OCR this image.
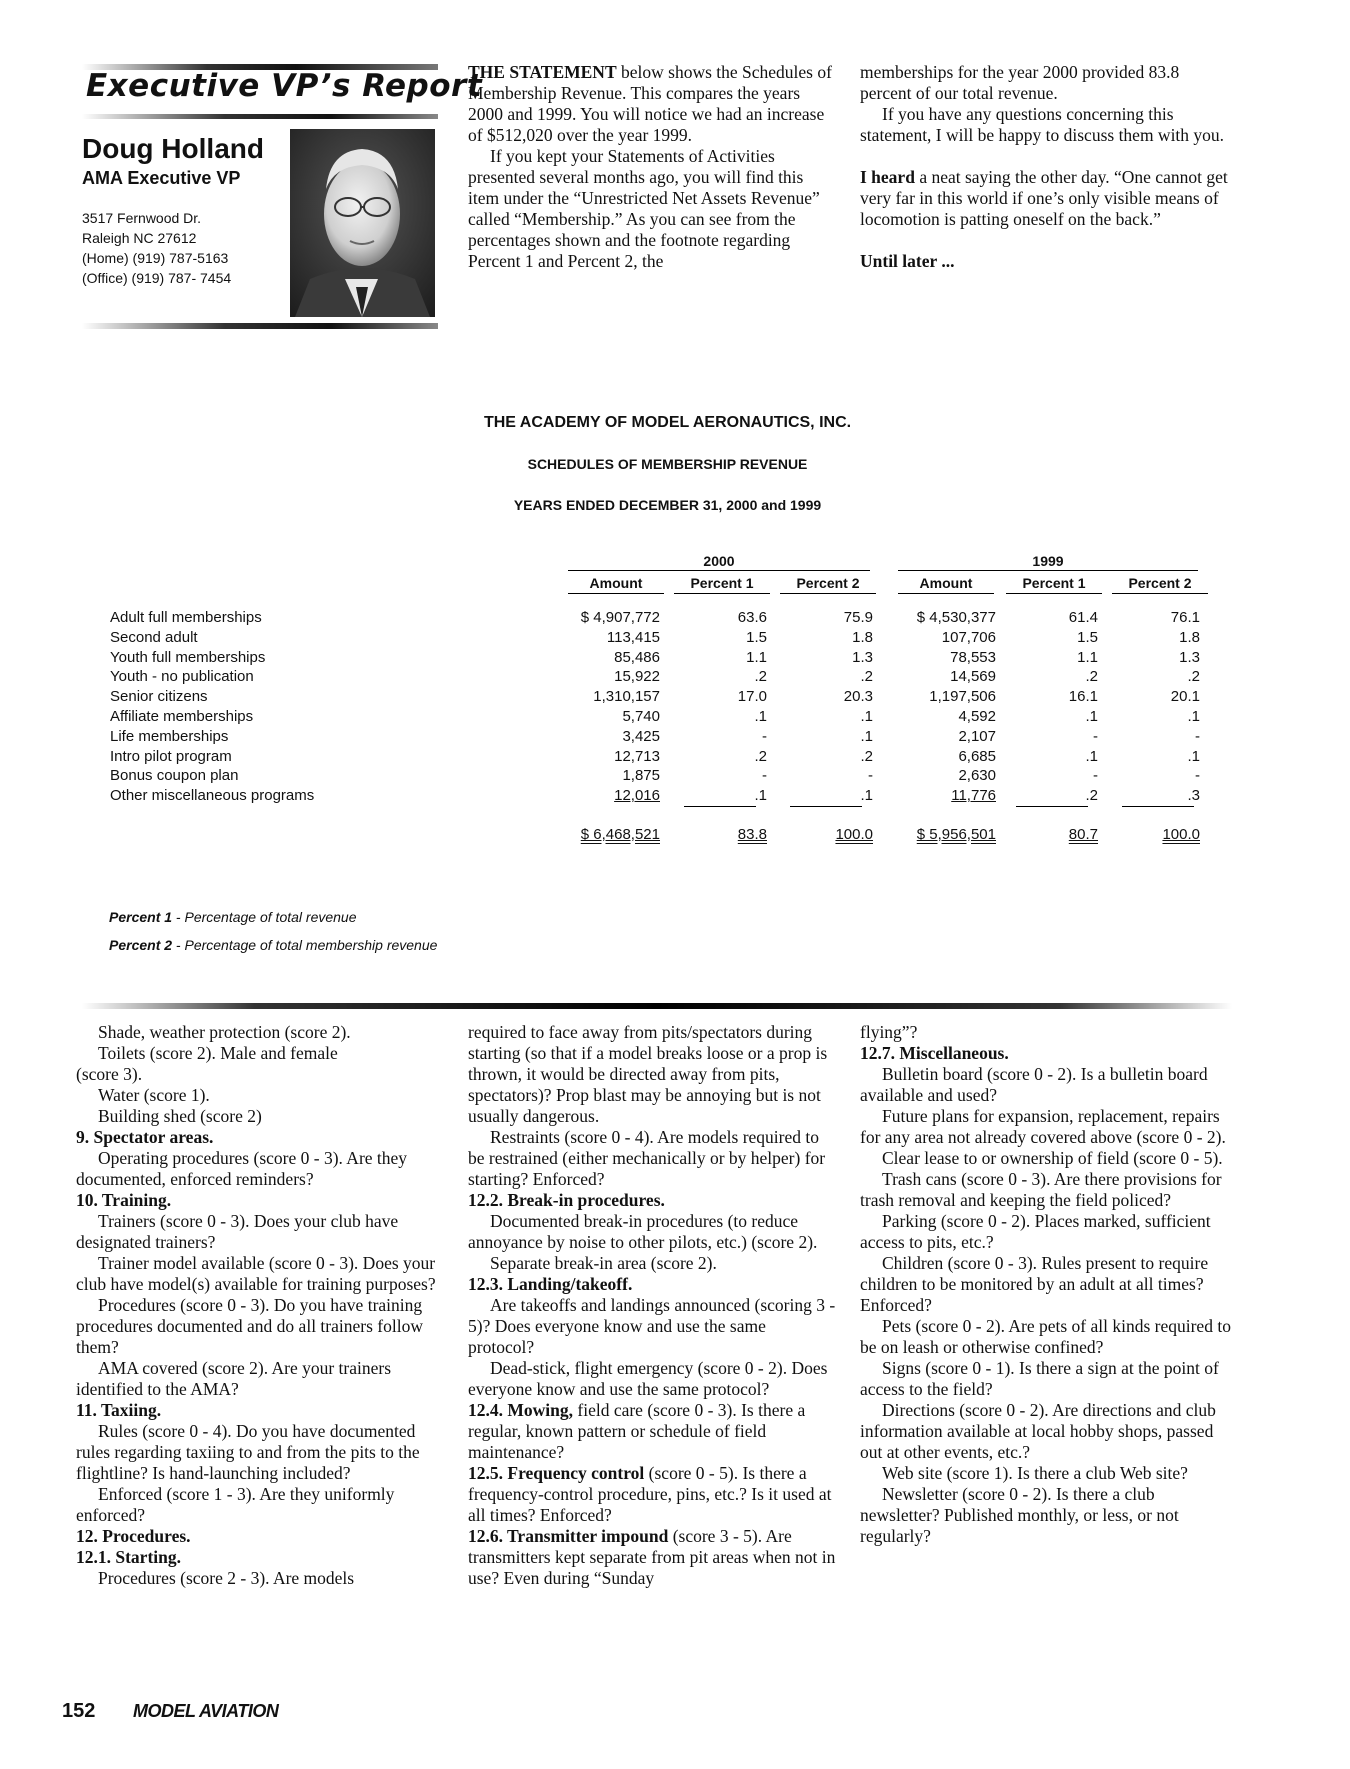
Executive VP’s Report
Doug Holland
AMA Executive VP
3517 Fernwood Dr.
Raleigh NC 27612
(Home) (919) 787-5163
(Office) (919) 787- 7454

THE STATEMENT below shows the Schedules of Membership Revenue. This compares the years 2000 and 1999. You will notice we had an increase of $512,020 over the year 1999.

If you kept your Statements of Activities presented several months ago, you will find this item under the “Unrestricted Net Assets Revenue” called “Membership.” As you can see from the percentages shown and the footnote regarding Percent 1 and Percent 2, the

memberships for the year 2000 provided 83.8 percent of our total revenue.

If you have any questions concerning this statement, I will be happy to discuss them with you.

I heard a neat saying the other day. “One cannot get very far in this world if one’s only visible means of locomotion is patting oneself on the back.”

Until later ...

THE ACADEMY OF MODEL AERONAUTICS, INC.
SCHEDULES OF MEMBERSHIP REVENUE
YEARS ENDED DECEMBER 31, 2000 and 1999
2000	1999
Amount	Percent 1	Percent 2	Amount	Percent 1	Percent 2
Adult full memberships	$ 4,907,772	63.6	75.9	$ 4,530,377	61.4	76.1
Second adult	113,415	1.5	1.8	107,706	1.5	1.8
Youth full memberships	85,486	1.1	1.3	78,553	1.1	1.3
Youth - no publication	15,922	.2	.2	14,569	.2	.2
Senior citizens	1,310,157	17.0	20.3	1,197,506	16.1	20.1
Affiliate memberships	5,740	.1	.1	4,592	.1	.1
Life memberships	3,425	-	.1	2,107	-	-
Intro pilot program	12,713	.2	.2	6,685	.1	.1
Bonus coupon plan	1,875	-	-	2,630	-	-
Other miscellaneous programs	12,016	.1	.1	11,776	.2	.3
$ 6,468,521	83.8	100.0	$ 5,956,501	80.7	100.0
Percent 1 - Percentage of total revenue
Percent 2 - Percentage of total membership revenue

Shade, weather protection (score 2).

Toilets (score 2). Male and female

(score 3).

Water (score 1).

Building shed (score 2)

9. Spectator areas.

Operating procedures (score 0 - 3). Are they documented, enforced reminders?

10. Training.

Trainers (score 0 - 3). Does your club have designated trainers?

Trainer model available (score 0 - 3). Does your club have model(s) available for training purposes?

Procedures (score 0 - 3). Do you have training procedures documented and do all trainers follow them?

AMA covered (score 2). Are your trainers identified to the AMA?

11. Taxiing.

Rules (score 0 - 4). Do you have documented rules regarding taxiing to and from the pits to the flightline? Is hand-launching included?

Enforced (score 1 - 3). Are they uniformly enforced?

12. Procedures.

12.1. Starting.

Procedures (score 2 - 3). Are models

required to face away from pits/spectators during starting (so that if a model breaks loose or a prop is thrown, it would be directed away from pits, spectators)? Prop blast may be annoying but is not usually dangerous.

Restraints (score 0 - 4). Are models required to be restrained (either mechanically or by helper) for starting? Enforced?

12.2. Break-in procedures.

Documented break-in procedures (to reduce annoyance by noise to other pilots, etc.) (score 2).

Separate break-in area (score 2).

12.3. Landing/takeoff.

Are takeoffs and landings announced (scoring 3 - 5)? Does everyone know and use the same protocol?

Dead-stick, flight emergency (score 0 - 2). Does everyone know and use the same protocol?

12.4. Mowing, field care (score 0 - 3). Is there a regular, known pattern or schedule of field maintenance?

12.5. Frequency control (score 0 - 5). Is there a frequency-control procedure, pins, etc.? Is it used at all times? Enforced?

12.6. Transmitter impound (score 3 - 5). Are transmitters kept separate from pit areas when not in use? Even during “Sunday

flying”?

12.7. Miscellaneous.

Bulletin board (score 0 - 2). Is a bulletin board available and used?

Future plans for expansion, replacement, repairs for any area not already covered above (score 0 - 2).

Clear lease to or ownership of field (score 0 - 5).

Trash cans (score 0 - 3). Are there provisions for trash removal and keeping the field policed?

Parking (score 0 - 2). Places marked, sufficient access to pits, etc.?

Children (score 0 - 3). Rules present to require children to be monitored by an adult at all times? Enforced?

Pets (score 0 - 2). Are pets of all kinds required to be on leash or otherwise confined?

Signs (score 0 - 1). Is there a sign at the point of access to the field?

Directions (score 0 - 2). Are directions and club information available at local hobby shops, passed out at other events, etc.?

Web site (score 1). Is there a club Web site?

Newsletter (score 0 - 2). Is there a club newsletter? Published monthly, or less, or not regularly?

152 MODEL AVIATION
